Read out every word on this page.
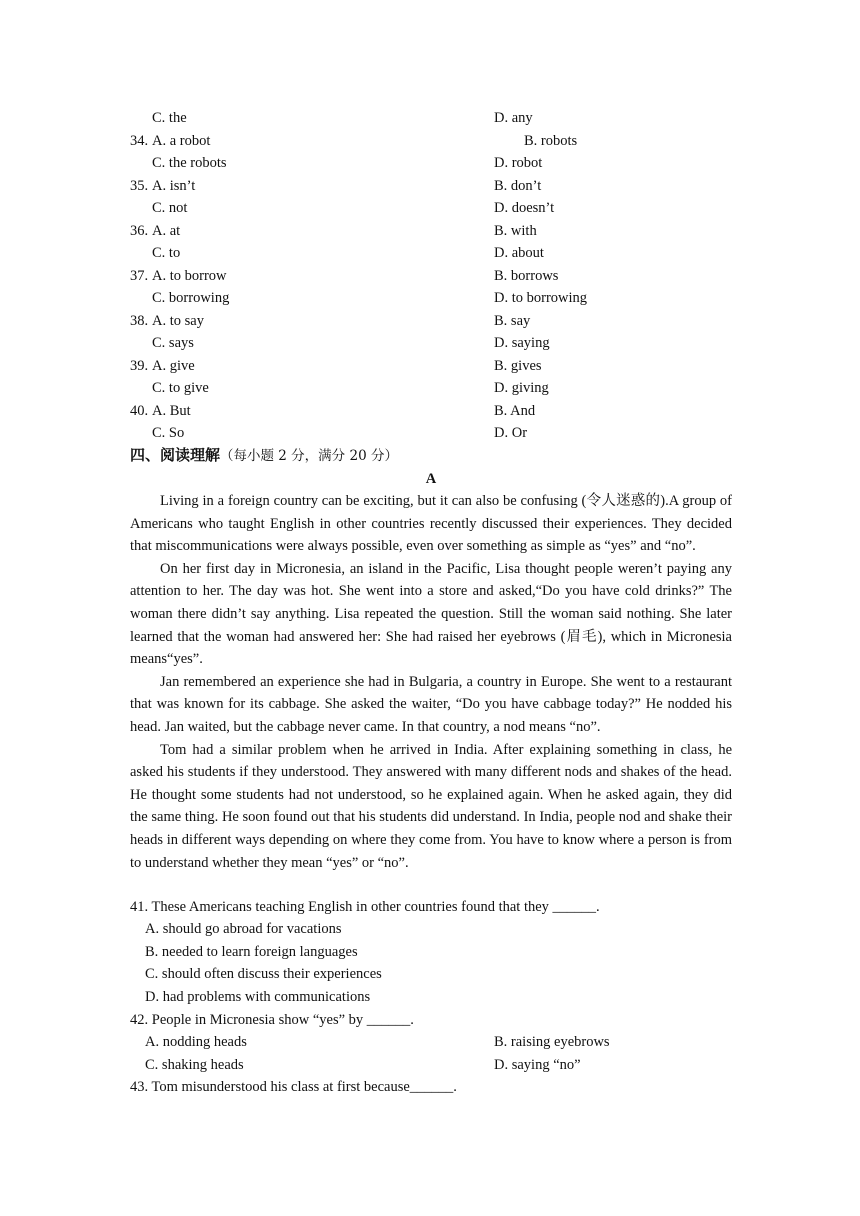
C. the	D. any
34. A. a robot	B. robots
C. the robots	D. robot
35. A. isn’t	B. don’t
C. not	D. doesn’t
36. A. at	B. with
C. to	D. about
37. A. to borrow	B. borrows
C. borrowing	D. to borrowing
38. A. to say	B. say
C. says	D. saying
39. A. give	B. gives
C. to give	D. giving
40. A. But	B. And
C. So	D. Or
四、阅读理解（每小题 2 分，满分 20 分）
A

Living in a foreign country can be exciting, but it can also be confusing (令人迷惑的).A group of Americans who taught English in other countries recently discussed their experiences. They decided that miscommunications were always possible, even over something as simple as “yes” and “no”.

On her first day in Micronesia, an island in the Pacific, Lisa thought people weren’t paying any attention to her. The day was hot. She went into a store and asked,“Do you have cold drinks?” The woman there didn’t say anything. Lisa repeated the question. Still the woman said nothing. She later learned that the woman had answered her: She had raised her eyebrows (眉毛), which in Micronesia means“yes”.

Jan remembered an experience she had in Bulgaria, a country in Europe. She went to a restaurant that was known for its cabbage. She asked the waiter, “Do you have cabbage today?” He nodded his head. Jan waited, but the cabbage never came. In that country, a nod means “no”.

Tom had a similar problem when he arrived in India. After explaining something in class, he asked his students if they understood. They answered with many different nods and shakes of the head. He thought some students had not understood, so he explained again. When he asked again, they did the same thing. He soon found out that his students did understand. In India, people nod and shake their heads in different ways depending on where they come from. You have to know where a person is from to understand whether they mean “yes” or “no”.

41. These Americans teaching English in other countries found that they ______.
A. should go abroad for vacations
B. needed to learn foreign languages
C. should often discuss their experiences
D. had problems with communications
42. People in Micronesia show “yes” by ______.
A. nodding heads	B. raising eyebrows
C. shaking heads	D. saying “no”
43. Tom misunderstood his class at first because______.
